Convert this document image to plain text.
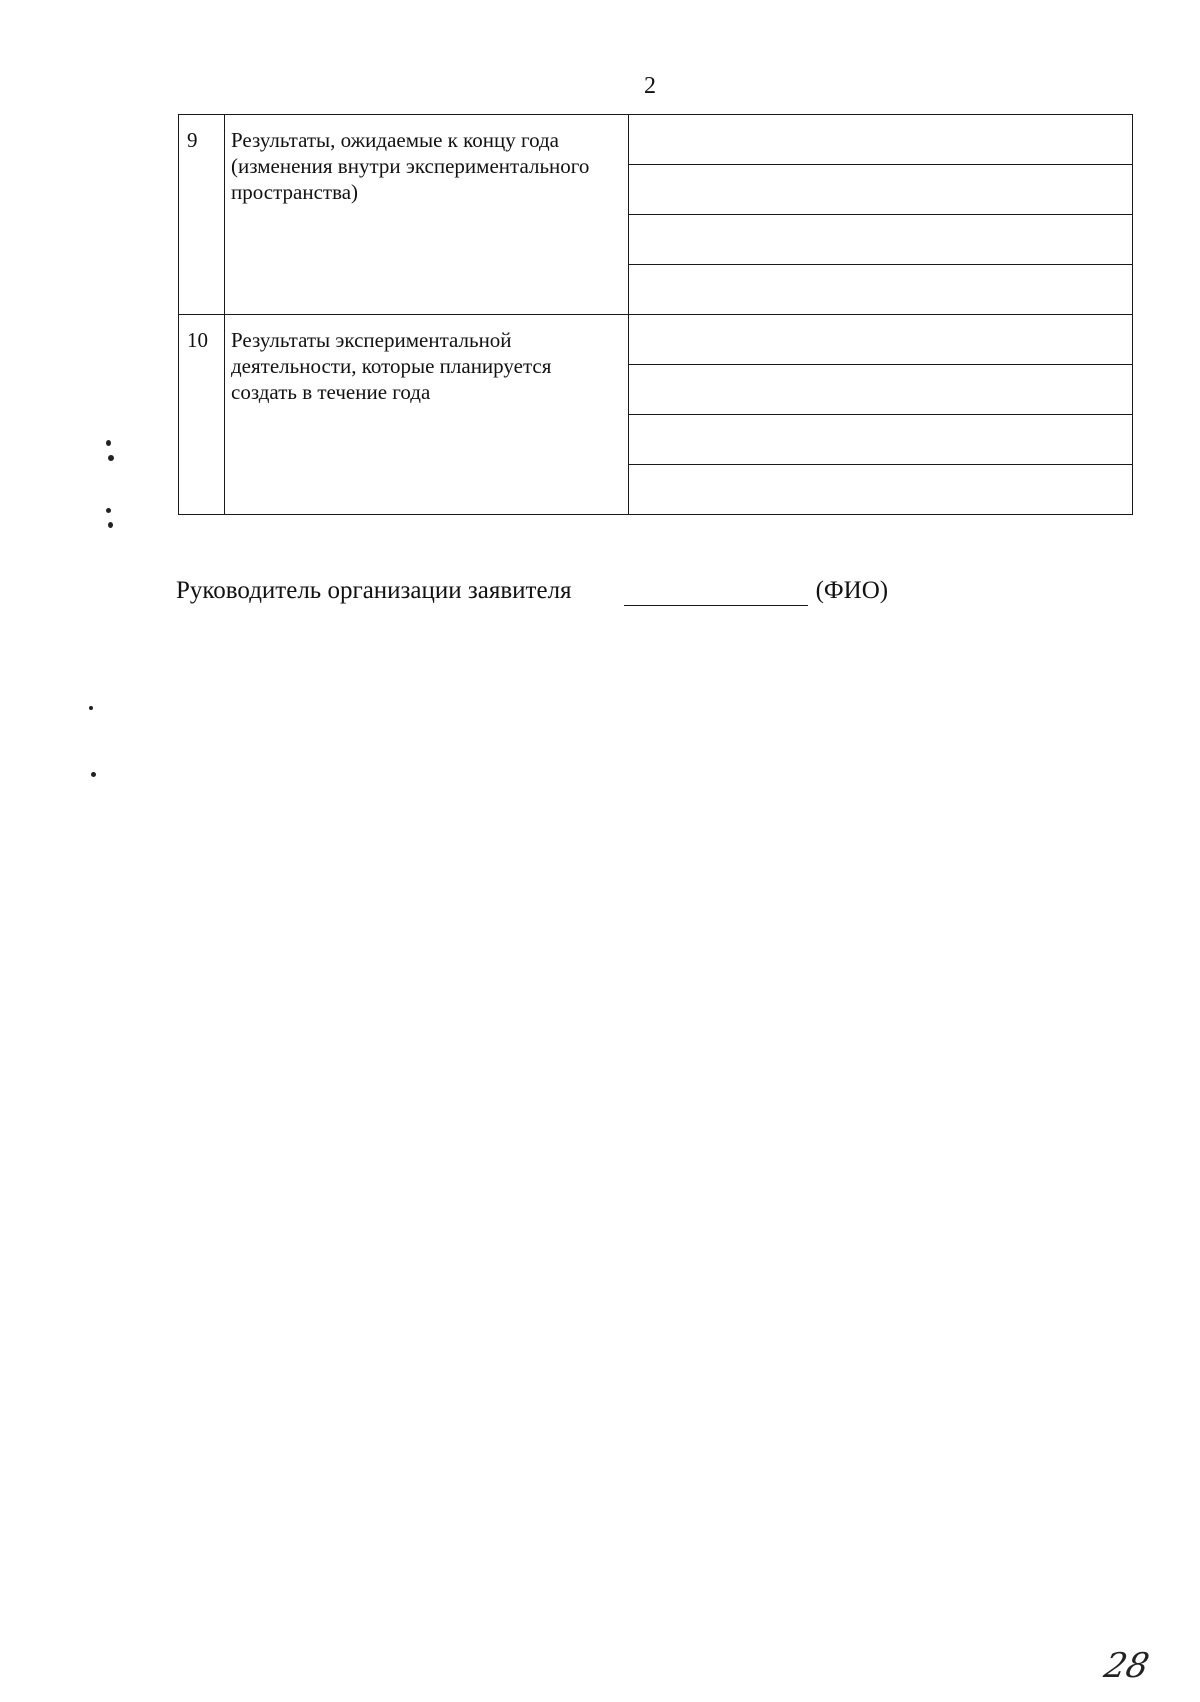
2
9	Результаты, ожидаемые к концу года (изменения внутри экспериментального пространства)	

10	Результаты экспериментальной деятельности, которые планируется создать в течение года	
Руководитель организации заявителя	(ФИО)
28
